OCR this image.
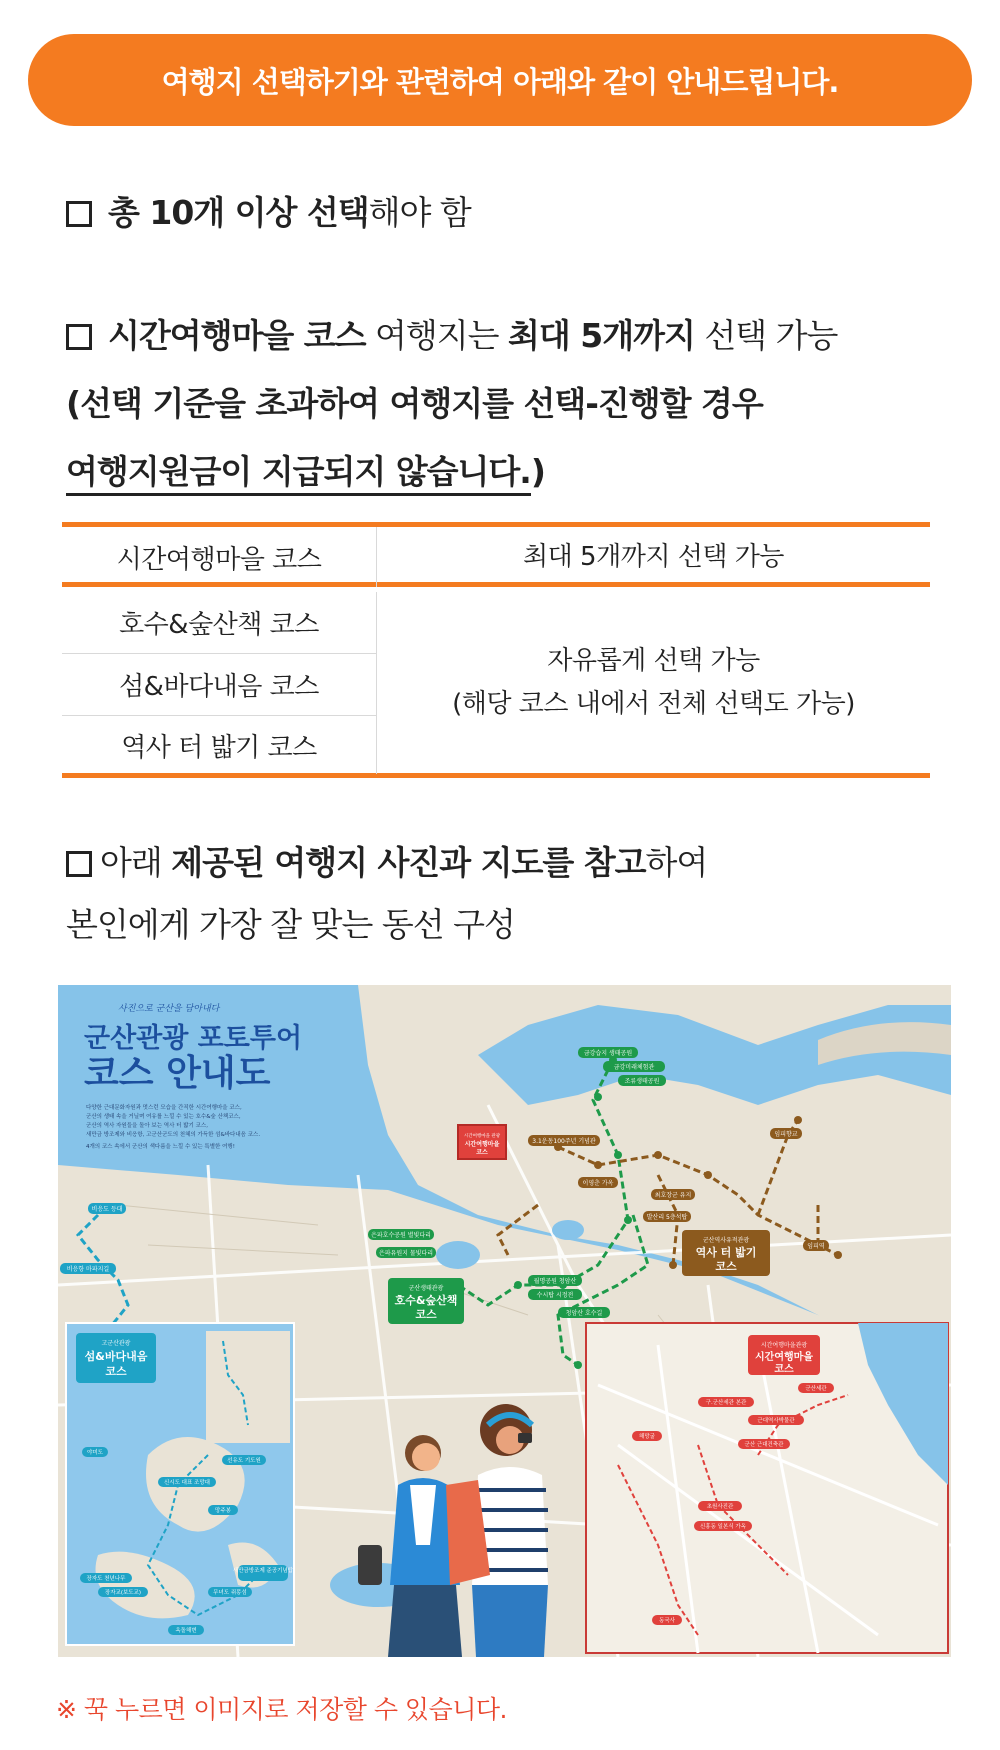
여행지 선택하기와 관련하여 아래와 같이 안내드립니다.
총 10개 이상 선택해야 함
시간여행마을 코스 여행지는 최대 5개까지 선택 가능
(선택 기준을 초과하여 여행지를 선택-진행할 경우
여행지원금이 지급되지 않습니다.)
시간여행마을 코스	최대 5개까지 선택 가능
호수&숲산책 코스
섬&바다내음 코스
역사 터 밟기 코스
자유롭게 선택 가능
(해당 코스 내에서 전체 선택도 가능)
아래 제공된 여행지 사진과 지도를 참고하여
본인에게 가장 잘 맞는 동선 구성
금강습지 생태공원
금강미래체험관
조류생태공원
은파호수공원 별빛다리
은파유원지 물빛다리
월명공원 청암산
수시탑 시정전
청암산 호수길
3.1운동100주년 기념관
이영춘 가옥
발산리 5층석탑
임피향교
최호장군 유지
임피역
비응도 등대
비응항 마파지길
사진으로 군산을 담아내다
군산관광 포토투어
코스 안내도
다양한 근대문화자원과 멋스런 모습을 간직한 시간여행마을 코스,
군산의 생태 속을 거닐며 여유를 느낄 수 있는 호수&숲 산책코스,
군산의 역사 자원들을 돌아 보는 역사 터 밟기 코스,
새만금 방조제와 비응항, 고군산군도의 천혜의 가득한 섬&바다내음 코스.
4개의 코스 속에서 군산의 색다름을 느낄 수 있는 특별한 여행!
시간여행마을 관광
시간여행마을
코스
군산생태관광
호수&숲산책
코스
군산역사유적관광
역사 터 밟기
코스
고군산관광
섬&바다내음
코스
신시도 대표 조망대
선유도 기도원
장자도 천년나무
장자교(보도교)	무녀도 쥐똥섬
새만금방조제 준공기념탑
옥돌해변
망주봉
야미도
시간여행마을관광
시간여행마을
코스
해망굴
군산 근대건축관
구.군산세관 본관
근대역사박물관
신흥동 일본식 가옥
초원사진관
동국사
군산세관
※ 꾹 누르면 이미지로 저장할 수 있습니다.
